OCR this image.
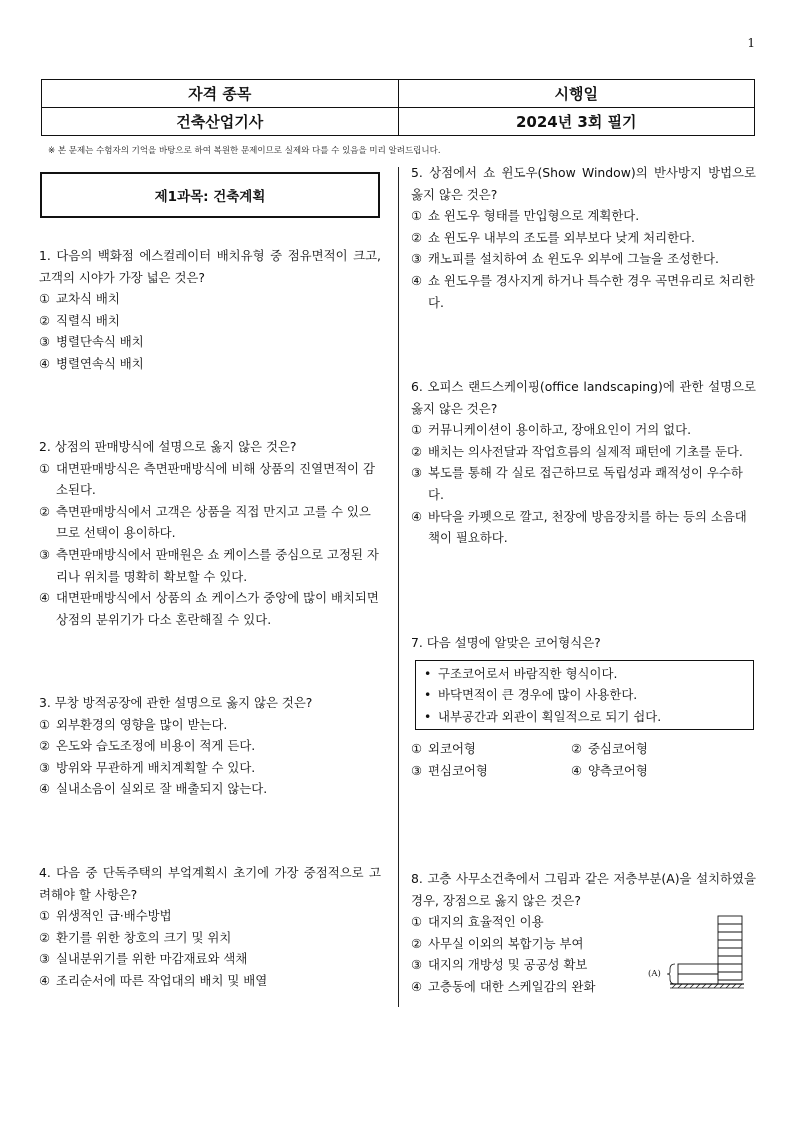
1
자격 종목	시행일
건축산업기사	2024년 3회 필기
※ 본 문제는 수험자의 기억을 바탕으로 하여 복원한 문제이므로 실제와 다를 수 있음을 미리 알려드립니다.
제1과목: 건축계획

1. 다음의 백화점 에스컬레이터 배치유형 중 점유면적이 크고, 고객의 시야가 가장 넓은 것은?

① 교차식 배치
② 직렬식 배치
③ 병렬단속식 배치
④ 병렬연속식 배치

2. 상점의 판매방식에 설명으로 옳지 않은 것은?

① 대면판매방식은 측면판매방식에 비해 상품의 진열면적이 감소된다.
② 측면판매방식에서 고객은 상품을 직접 만지고 고를 수 있으므로 선택이 용이하다.
③ 측면판매방식에서 판매원은 쇼 케이스를 중심으로 고정된 자리나 위치를 명확히 확보할 수 있다.
④ 대면판매방식에서 상품의 쇼 케이스가 중앙에 많이 배치되면 상점의 분위기가 다소 혼란해질 수 있다.

3. 무창 방적공장에 관한 설명으로 옳지 않은 것은?

① 외부환경의 영향을 많이 받는다.
② 온도와 습도조정에 비용이 적게 든다.
③ 방위와 무관하게 배치계획할 수 있다.
④ 실내소음이 실외로 잘 배출되지 않는다.

4. 다음 중 단독주택의 부엌계획시 초기에 가장 중점적으로 고려해야 할 사항은?

① 위생적인 급·배수방법
② 환기를 위한 창호의 크기 및 위치
③ 실내분위기를 위한 마감재료와 색채
④ 조리순서에 따른 작업대의 배치 및 배열

5. 상점에서 쇼 윈도우(Show Window)의 반사방지 방법으로 옳지 않은 것은?

① 쇼 윈도우 형태를 만입형으로 계획한다.
② 쇼 윈도우 내부의 조도를 외부보다 낮게 처리한다.
③ 캐노피를 설치하여 쇼 윈도우 외부에 그늘을 조성한다.
④ 쇼 윈도우를 경사지게 하거나 특수한 경우 곡면유리로 처리한다.

6. 오피스 랜드스케이핑(office landscaping)에 관한 설명으로 옳지 않은 것은?

① 커뮤니케이션이 용이하고, 장애요인이 거의 없다.
② 배치는 의사전달과 작업흐름의 실제적 패턴에 기초를 둔다.
③ 복도를 통해 각 실로 접근하므로 독립성과 쾌적성이 우수하다.
④ 바닥을 카펫으로 깔고, 천장에 방음장치를 하는 등의 소음대책이 필요하다.

7. 다음 설명에 알맞은 코어형식은?

• 구조코어로서 바람직한 형식이다.
• 바닥면적이 큰 경우에 많이 사용한다.
• 내부공간과 외관이 획일적으로 되기 쉽다.
① 외코어형	② 중심코어형
③ 편심코어형	④ 양측코어형

8. 고층 사무소건축에서 그림과 같은 저층부분(A)을 설치하였을 경우, 장점으로 옳지 않은 것은?

① 대지의 효율적인 이용
② 사무실 이외의 복합기능 부여
③ 대지의 개방성 및 공공성 확보
④ 고층동에 대한 스케일감의 완화
(A)
